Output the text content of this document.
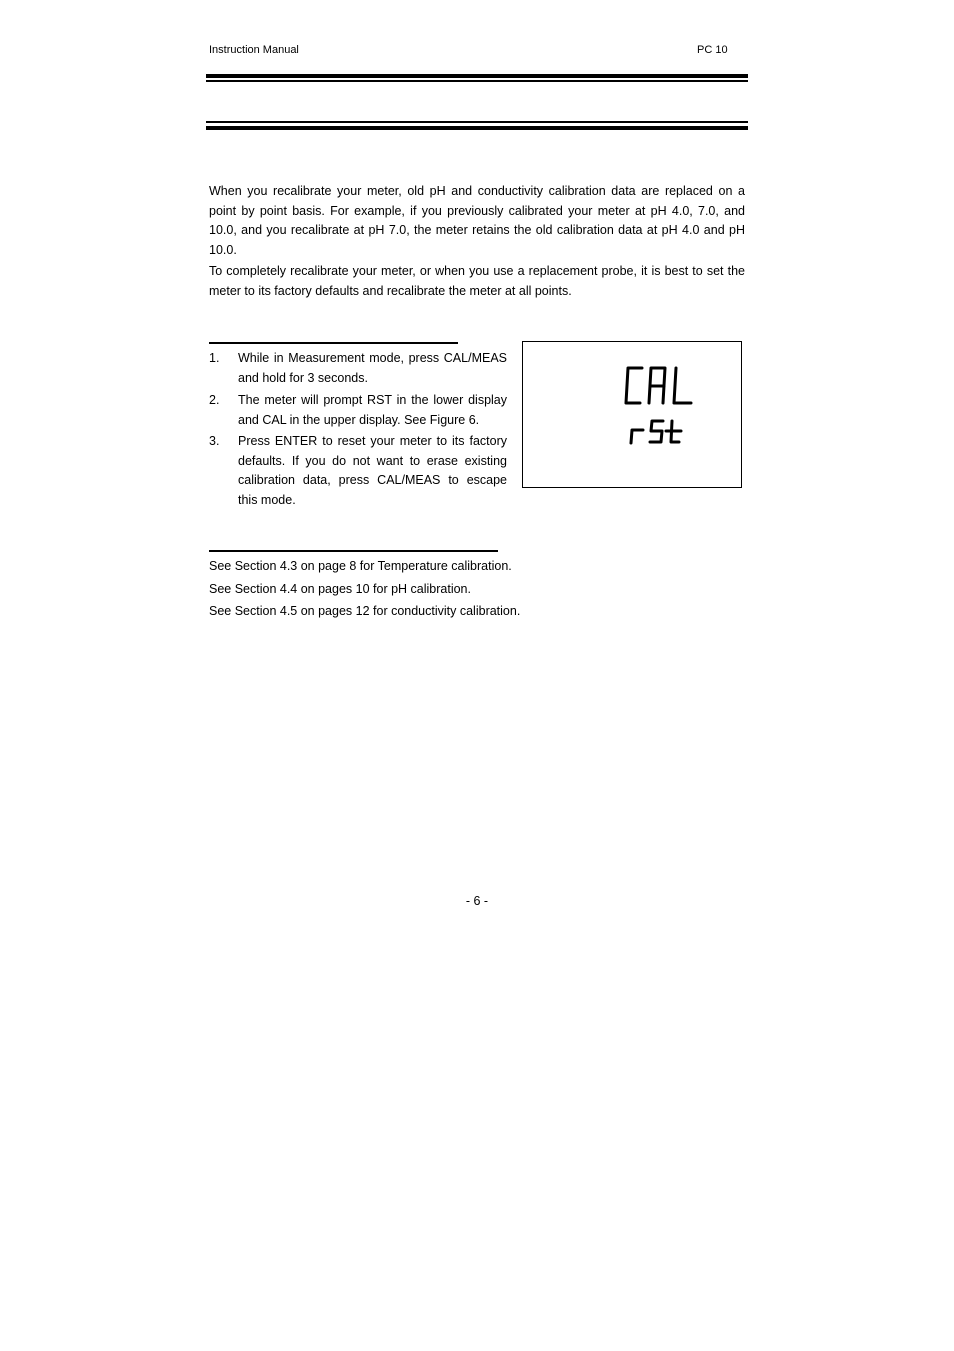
Instruction Manual	PC 10
When you recalibrate your meter, old pH and conductivity calibration data are replaced on a point by point basis. For example, if you previously calibrated your meter at pH 4.0, 7.0, and 10.0, and you recalibrate at pH 7.0, the meter retains the old calibration data at pH 4.0 and pH 10.0.
To completely recalibrate your meter, or when you use a replacement probe, it is best to set the meter to its factory defaults and recalibrate the meter at all points.
1. While in Measurement mode, press CAL/MEAS and hold for 3 seconds.
2. The meter will prompt RST in the lower display and CAL in the upper display. See Figure 6.
3. Press ENTER to reset your meter to its factory defaults. If you do not want to erase existing calibration data, press CAL/MEAS to escape this mode.
See Section 4.3 on page 8 for Temperature calibration.
See Section 4.4 on pages 10 for pH calibration.
See Section 4.5 on pages 12 for conductivity calibration.
- 6 -
